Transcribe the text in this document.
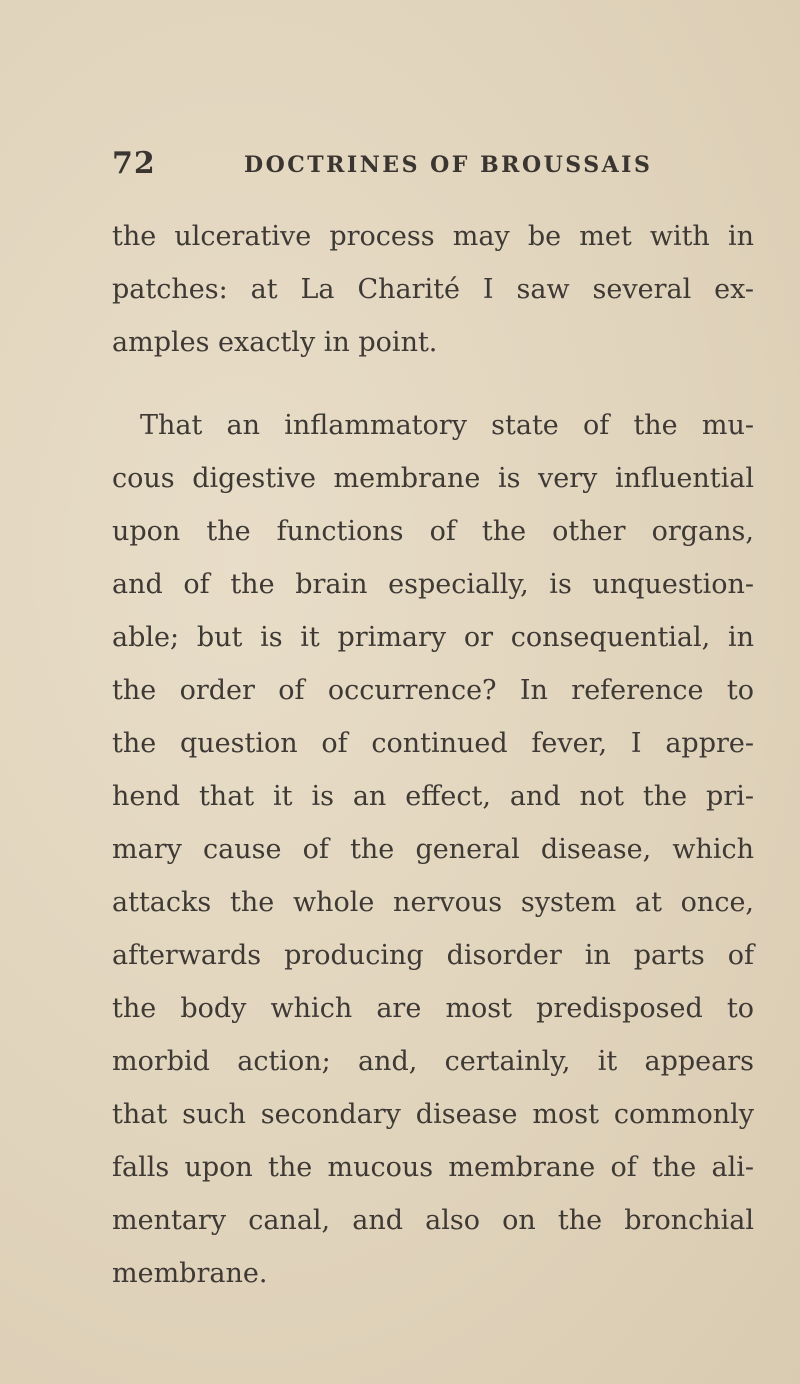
72	DOCTRINES OF BROUSSAIS
the ulcerative process may be met with in
patches: at La Charité I saw several ex-
amples exactly in point.
That an inflammatory state of the mu-
cous digestive membrane is very influential
upon the functions of the other organs,
and of the brain especially, is unquestion-
able; but is it primary or consequential, in
the order of occurrence? In reference to
the question of continued fever, I appre-
hend that it is an effect, and not the pri-
mary cause of the general disease, which
attacks the whole nervous system at once,
afterwards producing disorder in parts of
the body which are most predisposed to
morbid action; and, certainly, it appears
that such secondary disease most commonly
falls upon the mucous membrane of the ali-
mentary canal, and also on the bronchial
membrane.
